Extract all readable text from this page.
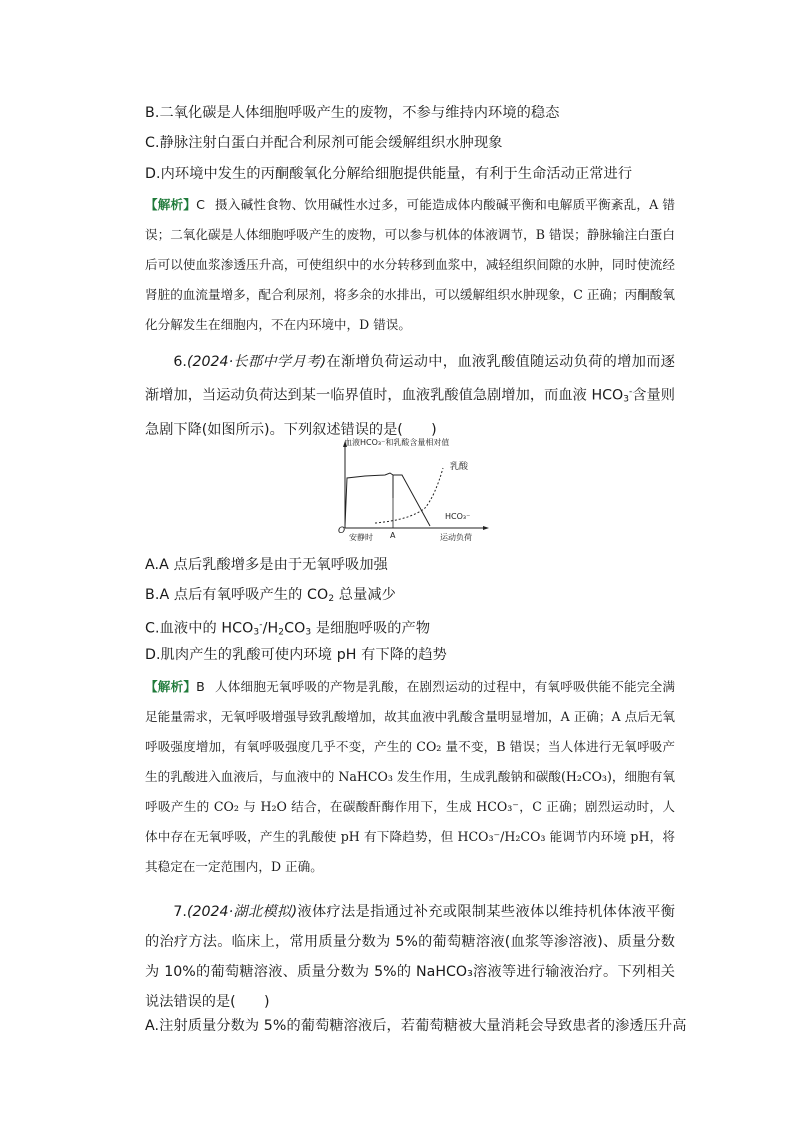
B.二氧化碳是人体细胞呼吸产生的废物，不参与维持内环境的稳态
C.静脉注射白蛋白并配合利尿剂可能会缓解组织水肿现象
D.内环境中发生的丙酮酸氧化分解给细胞提供能量，有利于生命活动正常进行
【解析】C 摄入碱性食物、饮用碱性水过多，可能造成体内酸碱平衡和电解质平衡紊乱，A 错误；二氧化碳是人体细胞呼吸产生的废物，可以参与机体的体液调节，B 错误；静脉输注白蛋白后可以使血浆渗透压升高，可使组织中的水分转移到血浆中，减轻组织间隙的水肿，同时使流经肾脏的血流量增多，配合利尿剂，将多余的水排出，可以缓解组织水肿现象，C 正确；丙酮酸氧化分解发生在细胞内，不在内环境中，D 错误。
6.(2024·长郡中学月考)在渐增负荷运动中，血液乳酸值随运动负荷的增加而逐渐增加，当运动负荷达到某一临界值时，血液乳酸值急剧增加，而血液 $HCO_3^-$含量则急剧下降(如图所示)。下列叙述错误的是(　　)
血液HCO₃⁻和乳酸含量相对值
乳酸
HCO₃⁻
O
安静时 A	运动负荷
A.A 点后乳酸增多是由于无氧呼吸加强
B.A 点后有氧呼吸产生的 $CO_2$ 总量减少
C.血液中的 $HCO_3^-/H_2CO_3$ 是细胞呼吸的产物
D.肌肉产生的乳酸可使内环境 pH 有下降的趋势
【解析】B 人体细胞无氧呼吸的产物是乳酸，在剧烈运动的过程中，有氧呼吸供能不能完全满足能量需求，无氧呼吸增强导致乳酸增加，故其血液中乳酸含量明显增加，A 正确；A 点后无氧呼吸强度增加，有氧呼吸强度几乎不变，产生的 CO₂ 量不变，B 错误；当人体进行无氧呼吸产生的乳酸进入血液后，与血液中的 NaHCO₃ 发生作用，生成乳酸钠和碳酸(H₂CO₃)，细胞有氧呼吸产生的 CO₂ 与 H₂O 结合，在碳酸酐酶作用下，生成 HCO₃⁻，C 正确；剧烈运动时，人体中存在无氧呼吸，产生的乳酸使 pH 有下降趋势，但 HCO₃⁻/H₂CO₃ 能调节内环境 pH，将其稳定在一定范围内，D 正确。
7.(2024·湖北模拟)液体疗法是指通过补充或限制某些液体以维持机体体液平衡的治疗方法。临床上，常用质量分数为 5%的葡萄糖溶液(血浆等渗溶液)、质量分数为 10%的葡萄糖溶液、质量分数为 5%的 NaHCO₃溶液等进行输液治疗。下列相关说法错误的是(　　)
A.注射质量分数为 5%的葡萄糖溶液后，若葡萄糖被大量消耗会导致患者的渗透压升高
